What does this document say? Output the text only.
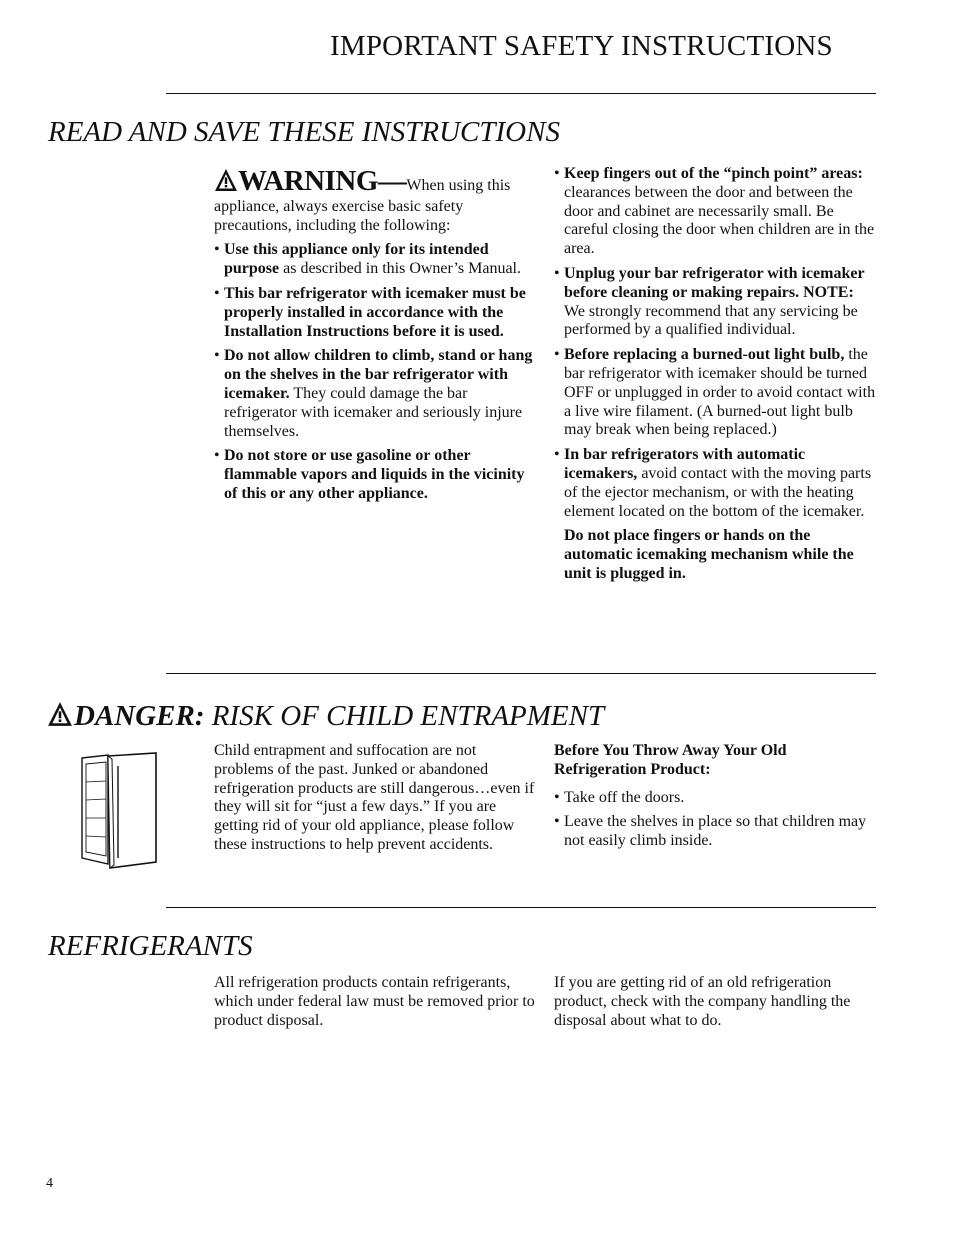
IMPORTANT SAFETY INSTRUCTIONS
READ AND SAVE THESE INSTRUCTIONS
WARNING—When using this appliance, always exercise basic safety precautions, including the following:
• Use this appliance only for its intended purpose as described in this Owner’s Manual.
• This bar refrigerator with icemaker must be properly installed in accordance with the Installation Instructions before it is used.
• Do not allow children to climb, stand or hang on the shelves in the bar refrigerator with icemaker. They could damage the bar refrigerator with icemaker and seriously injure themselves.
• Do not store or use gasoline or other flammable vapors and liquids in the vicinity of this or any other appliance.
• Keep fingers out of the “pinch point” areas: clearances between the door and between the door and cabinet are necessarily small. Be careful closing the door when children are in the area.
• Unplug your bar refrigerator with icemaker before cleaning or making repairs. NOTE: We strongly recommend that any servicing be performed by a qualified individual.
• Before replacing a burned-out light bulb, the bar refrigerator with icemaker should be turned OFF or unplugged in order to avoid contact with a live wire filament. (A burned-out light bulb may break when being replaced.)
• In bar refrigerators with automatic icemakers, avoid contact with the moving parts of the ejector mechanism, or with the heating element located on the bottom of the icemaker.
Do not place fingers or hands on the automatic icemaking mechanism while the unit is plugged in.
DANGER: RISK OF CHILD ENTRAPMENT

Child entrapment and suffocation are not problems of the past. Junked or abandoned refrigeration products are still dangerous…even if they will sit for “just a few days.” If you are getting rid of your old appliance, please follow these instructions to help prevent accidents.

Before You Throw Away Your Old Refrigeration Product:

• Take off the doors.
• Leave the shelves in place so that children may not easily climb inside.
REFRIGERANTS

All refrigeration products contain refrigerants, which under federal law must be removed prior to product disposal.

If you are getting rid of an old refrigeration product, check with the company handling the disposal about what to do.

4
